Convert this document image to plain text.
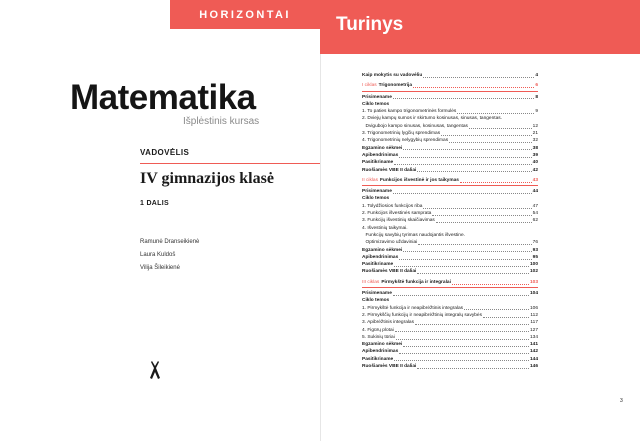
HORIZONTAI
Matematika
Išplėstinis kursas
VADOVĖLIS
IV gimnazijos klasė
1 DALIS
Ramunė Dranseikienė
Laura Kuldoš
Vilija Šileikienė
Turinys
Kaip mokytis su vadovėliu	4
I ciklas Trigonometrija	6
Prisimename	8
Ciklo temos
1. To paties kampo trigonometrinės formulės	9
2. Dviejų kampų sumos ir skirtumo kosinusas, sinusas, tangentas.
Dvigubojo kampo sinusas, kosinusas, tangentas	12
3. Trigonometrinių lygčių sprendimas	21
4. Trigonometrinių nelygybių sprendimas	32
Egzamino sėkmei	38
Apibendrinimas	39
Pasitikriname	40
Ruošiamės VBE II daliai	42
II ciklas Funkcijos išvestinė ir jos taikymas	43
Prisimename	44
Ciklo temos
1. Tolydžiosios funkcijos riba	47
2. Funkcijos išvestinės sampratа	54
3. Funkcijų išvestinių skaičiavimas	62
4. Išvestinių taikymai.
Funkcijų savybių tyrimas naudojantis išvestine.
Optimizavimo uždaviniai	76
Egzamino sėkmei	93
Apibendrinimas	95
Pasitikrinаme	100
Ruošiamės VBE II daliai	102
III ciklas Pirmykštė funkcija ir integralai	103
Prisimename	104
Ciklo temos
1. Pirmykštė funkcija ir neapibrėžtinis integralas	106
2. Pirmykščių funkcijų ir neapibrėžtinių integralų savybės	112
3. Apibrėžtinis integralas	117
4. Figūrų plotai	127
5. Sukinių tūriai	134
Egzamino sėkmei	141
Apibendrinimas	142
Pasitikrinаme	144
Ruošiamės VBE II daliai	146
3
